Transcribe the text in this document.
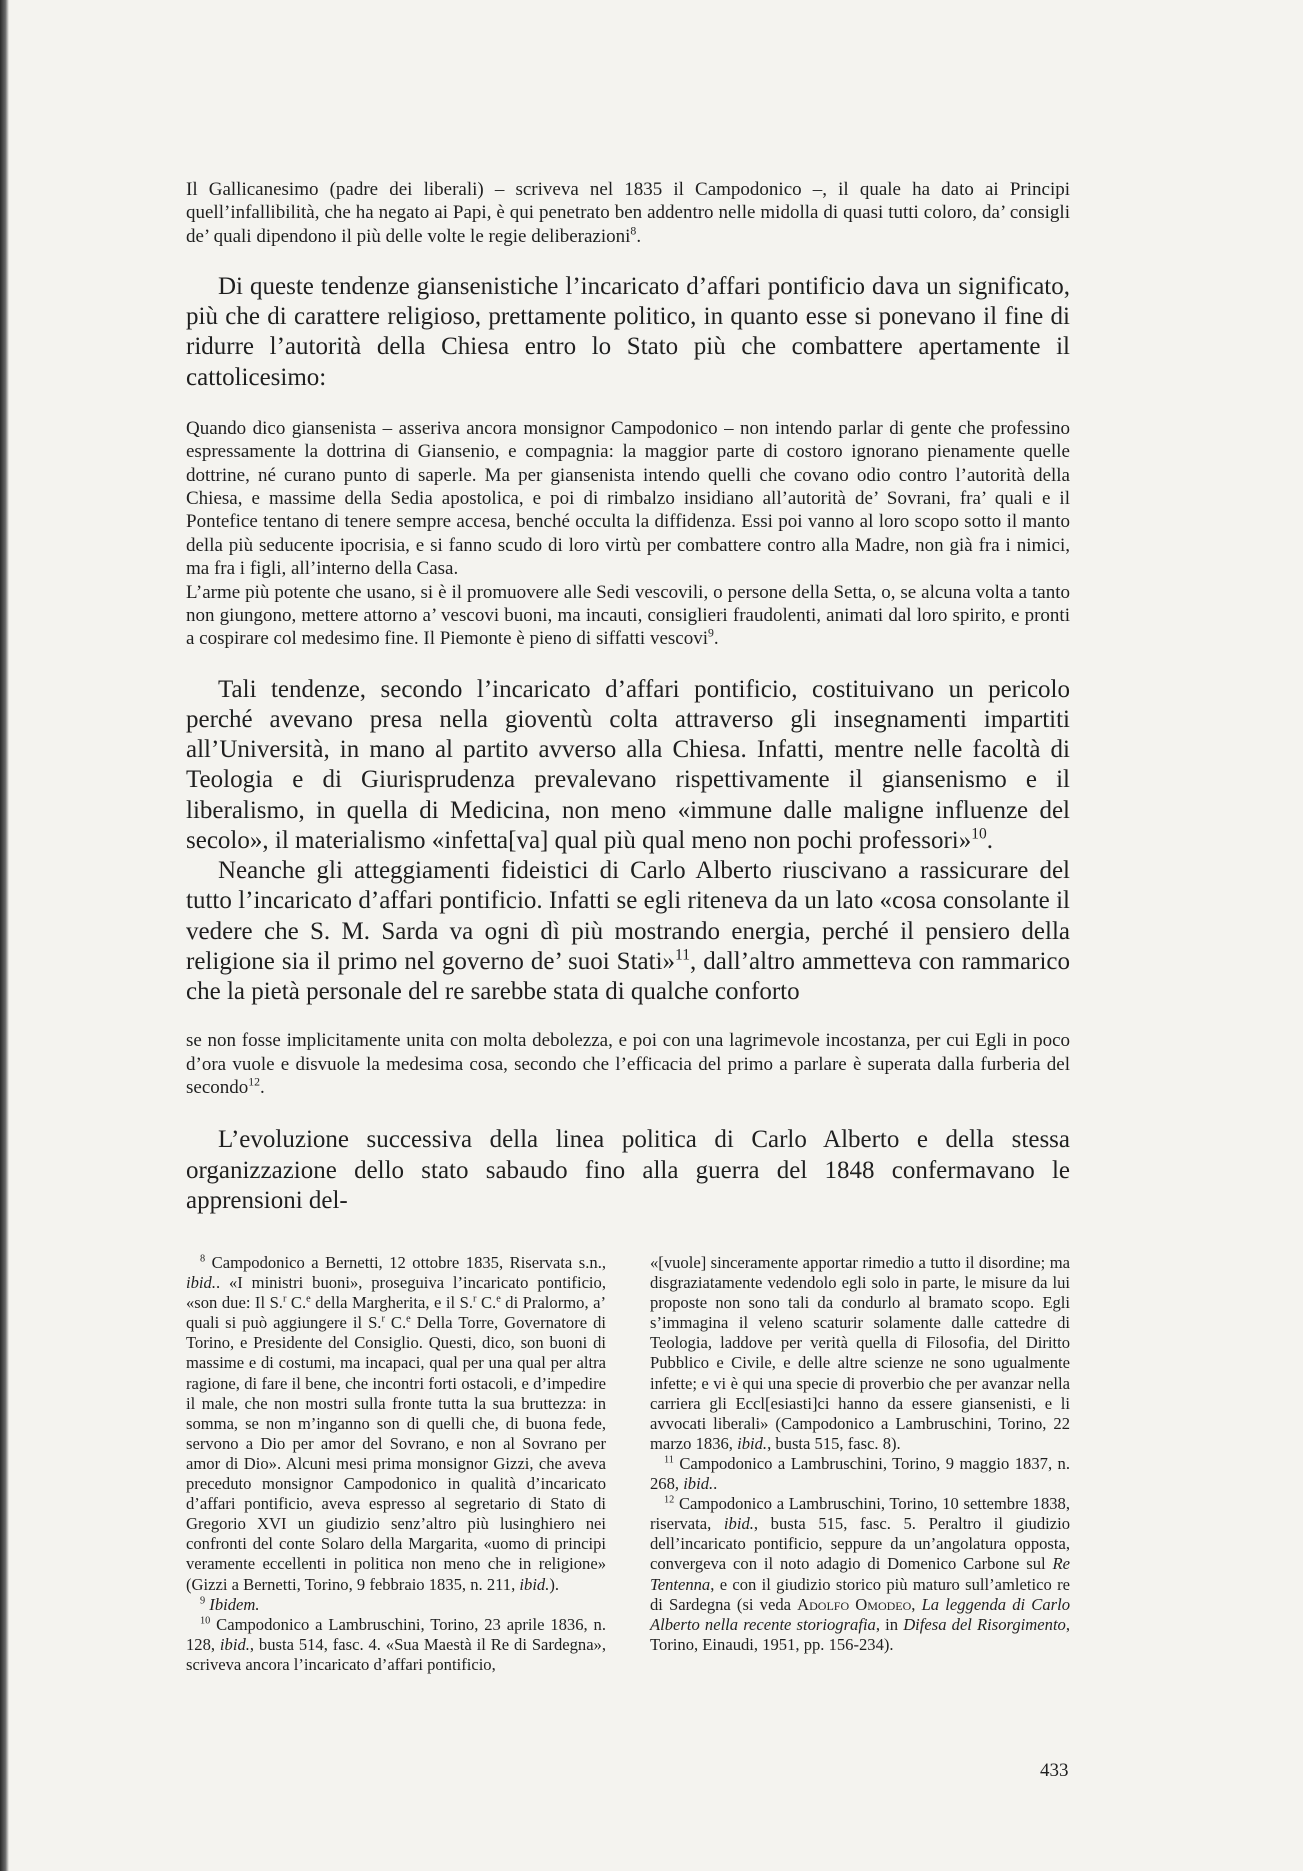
Il Gallicanesimo (padre dei liberali) – scriveva nel 1835 il Campodonico –, il quale ha dato ai Principi quell’infallibilità, che ha negato ai Papi, è qui penetrato ben addentro nelle midolla di quasi tutti coloro, da’ consigli de’ quali dipendono il più delle volte le regie deliberazioni$^8$.

Di queste tendenze giansenistiche l’incaricato d’affari pontificio dava un significato, più che di carattere religioso, prettamente politico, in quanto esse si ponevano il fine di ridurre l’autorità della Chiesa entro lo Stato più che combattere apertamente il cattolicesimo:

Quando dico giansenista – asseriva ancora monsignor Campodonico – non intendo parlar di gente che professino espressamente la dottrina di Giansenio, e compagnia: la maggior parte di costoro ignorano pienamente quelle dottrine, né curano punto di saperle. Ma per giansenista intendo quelli che covano odio contro l’autorità della Chiesa, e massime della Sedia apostolica, e poi di rimbalzo insidiano all’autorità de’ Sovrani, fra’ quali e il Pontefice tentano di tenere sempre accesa, benché occulta la diffidenza. Essi poi vanno al loro scopo sotto il manto della più seducente ipocrisia, e si fanno scudo di loro virtù per combattere contro alla Madre, non già fra i nimici, ma fra i figli, all’interno della Casa.

L’arme più potente che usano, si è il promuovere alle Sedi vescovili, o persone della Setta, o, se alcuna volta a tanto non giungono, mettere attorno a’ vescovi buoni, ma incauti, consiglieri fraudolenti, animati dal loro spirito, e pronti a cospirare col medesimo fine. Il Piemonte è pieno di siffatti vescovi$^9$.

Tali tendenze, secondo l’incaricato d’affari pontificio, costituivano un pericolo perché avevano presa nella gioventù colta attraverso gli insegnamenti impartiti all’Università, in mano al partito avverso alla Chiesa. Infatti, mentre nelle facoltà di Teologia e di Giurisprudenza prevalevano rispettivamente il giansenismo e il liberalismo, in quella di Medicina, non meno «immune dalle maligne influenze del secolo», il materialismo «infetta[va] qual più qual meno non pochi professori»$^{10}$.

Neanche gli atteggiamenti fideistici di Carlo Alberto riuscivano a rassicurare del tutto l’incaricato d’affari pontificio. Infatti se egli riteneva da un lato «cosa consolante il vedere che S. M. Sarda va ogni dì più mostrando energia, perché il pensiero della religione sia il primo nel governo de’ suoi Stati»$^{11}$, dall’altro ammetteva con rammarico che la pietà personale del re sarebbe stata di qualche conforto

se non fosse implicitamente unita con molta debolezza, e poi con una lagrimevole incostanza, per cui Egli in poco d’ora vuole e disvuole la medesima cosa, secondo che l’efficacia del primo a parlare è superata dalla furberia del secondo$^{12}$.

L’evoluzione successiva della linea politica di Carlo Alberto e della stessa organizzazione dello stato sabaudo fino alla guerra del 1848 confermavano le apprensioni del-

$^8$ Campodonico a Bernetti, 12 ottobre 1835, Riservata s.n., ibid.. «I ministri buoni», proseguiva l’incaricato pontificio, «son due: Il S.$^r$ C.$^e$ della Margherita, e il S.$^r$ C.$^e$ di Pralormo, a’ quali si può aggiungere il S.$^r$ C.$^e$ Della Torre, Governatore di Torino, e Presidente del Consiglio. Questi, dico, son buoni di massime e di costumi, ma incapaci, qual per una qual per altra ragione, di fare il bene, che incontri forti ostacoli, e d’impedire il male, che non mostri sulla fronte tutta la sua bruttezza: in somma, se non m’inganno son di quelli che, di buona fede, servono a Dio per amor del Sovrano, e non al Sovrano per amor di Dio». Alcuni mesi prima monsignor Gizzi, che aveva preceduto monsignor Campodonico in qualità d’incaricato d’affari pontificio, aveva espresso al segretario di Stato di Gregorio XVI un giudizio senz’altro più lusinghiero nei confronti del conte Solaro della Margarita, «uomo di principi veramente eccellenti in politica non meno che in religione» (Gizzi a Bernetti, Torino, 9 febbraio 1835, n. 211, ibid.).

$^9$ Ibidem.

$^{10}$ Campodonico a Lambruschini, Torino, 23 aprile 1836, n. 128, ibid., busta 514, fasc. 4. «Sua Maestà il Re di Sardegna», scriveva ancora l’incaricato d’affari pontificio,

«[vuole] sinceramente apportar rimedio a tutto il disordine; ma disgraziatamente vedendolo egli solo in parte, le misure da lui proposte non sono tali da condurlo al bramato scopo. Egli s’immagina il veleno scaturir solamente dalle cattedre di Teologia, laddove per verità quella di Filosofia, del Diritto Pubblico e Civile, e delle altre scienze ne sono ugualmente infette; e vi è qui una specie di proverbio che per avanzar nella carriera gli Eccl[esiasti]ci hanno da essere giansenisti, e li avvocati liberali» (Campodonico a Lambruschini, Torino, 22 marzo 1836, ibid., busta 515, fasc. 8).

$^{11}$ Campodonico a Lambruschini, Torino, 9 maggio 1837, n. 268, ibid..

$^{12}$ Campodonico a Lambruschini, Torino, 10 settembre 1838, riservata, ibid., busta 515, fasc. 5. Peraltro il giudizio dell’incaricato pontificio, seppure da un’angolatura opposta, convergeva con il noto adagio di Domenico Carbone sul Re Tentenna, e con il giudizio storico più maturo sull’amletico re di Sardegna (si veda Adolfo Omodeo, La leggenda di Carlo Alberto nella recente storiografia, in Difesa del Risorgimento, Torino, Einaudi, 1951, pp. 156-234).

433
